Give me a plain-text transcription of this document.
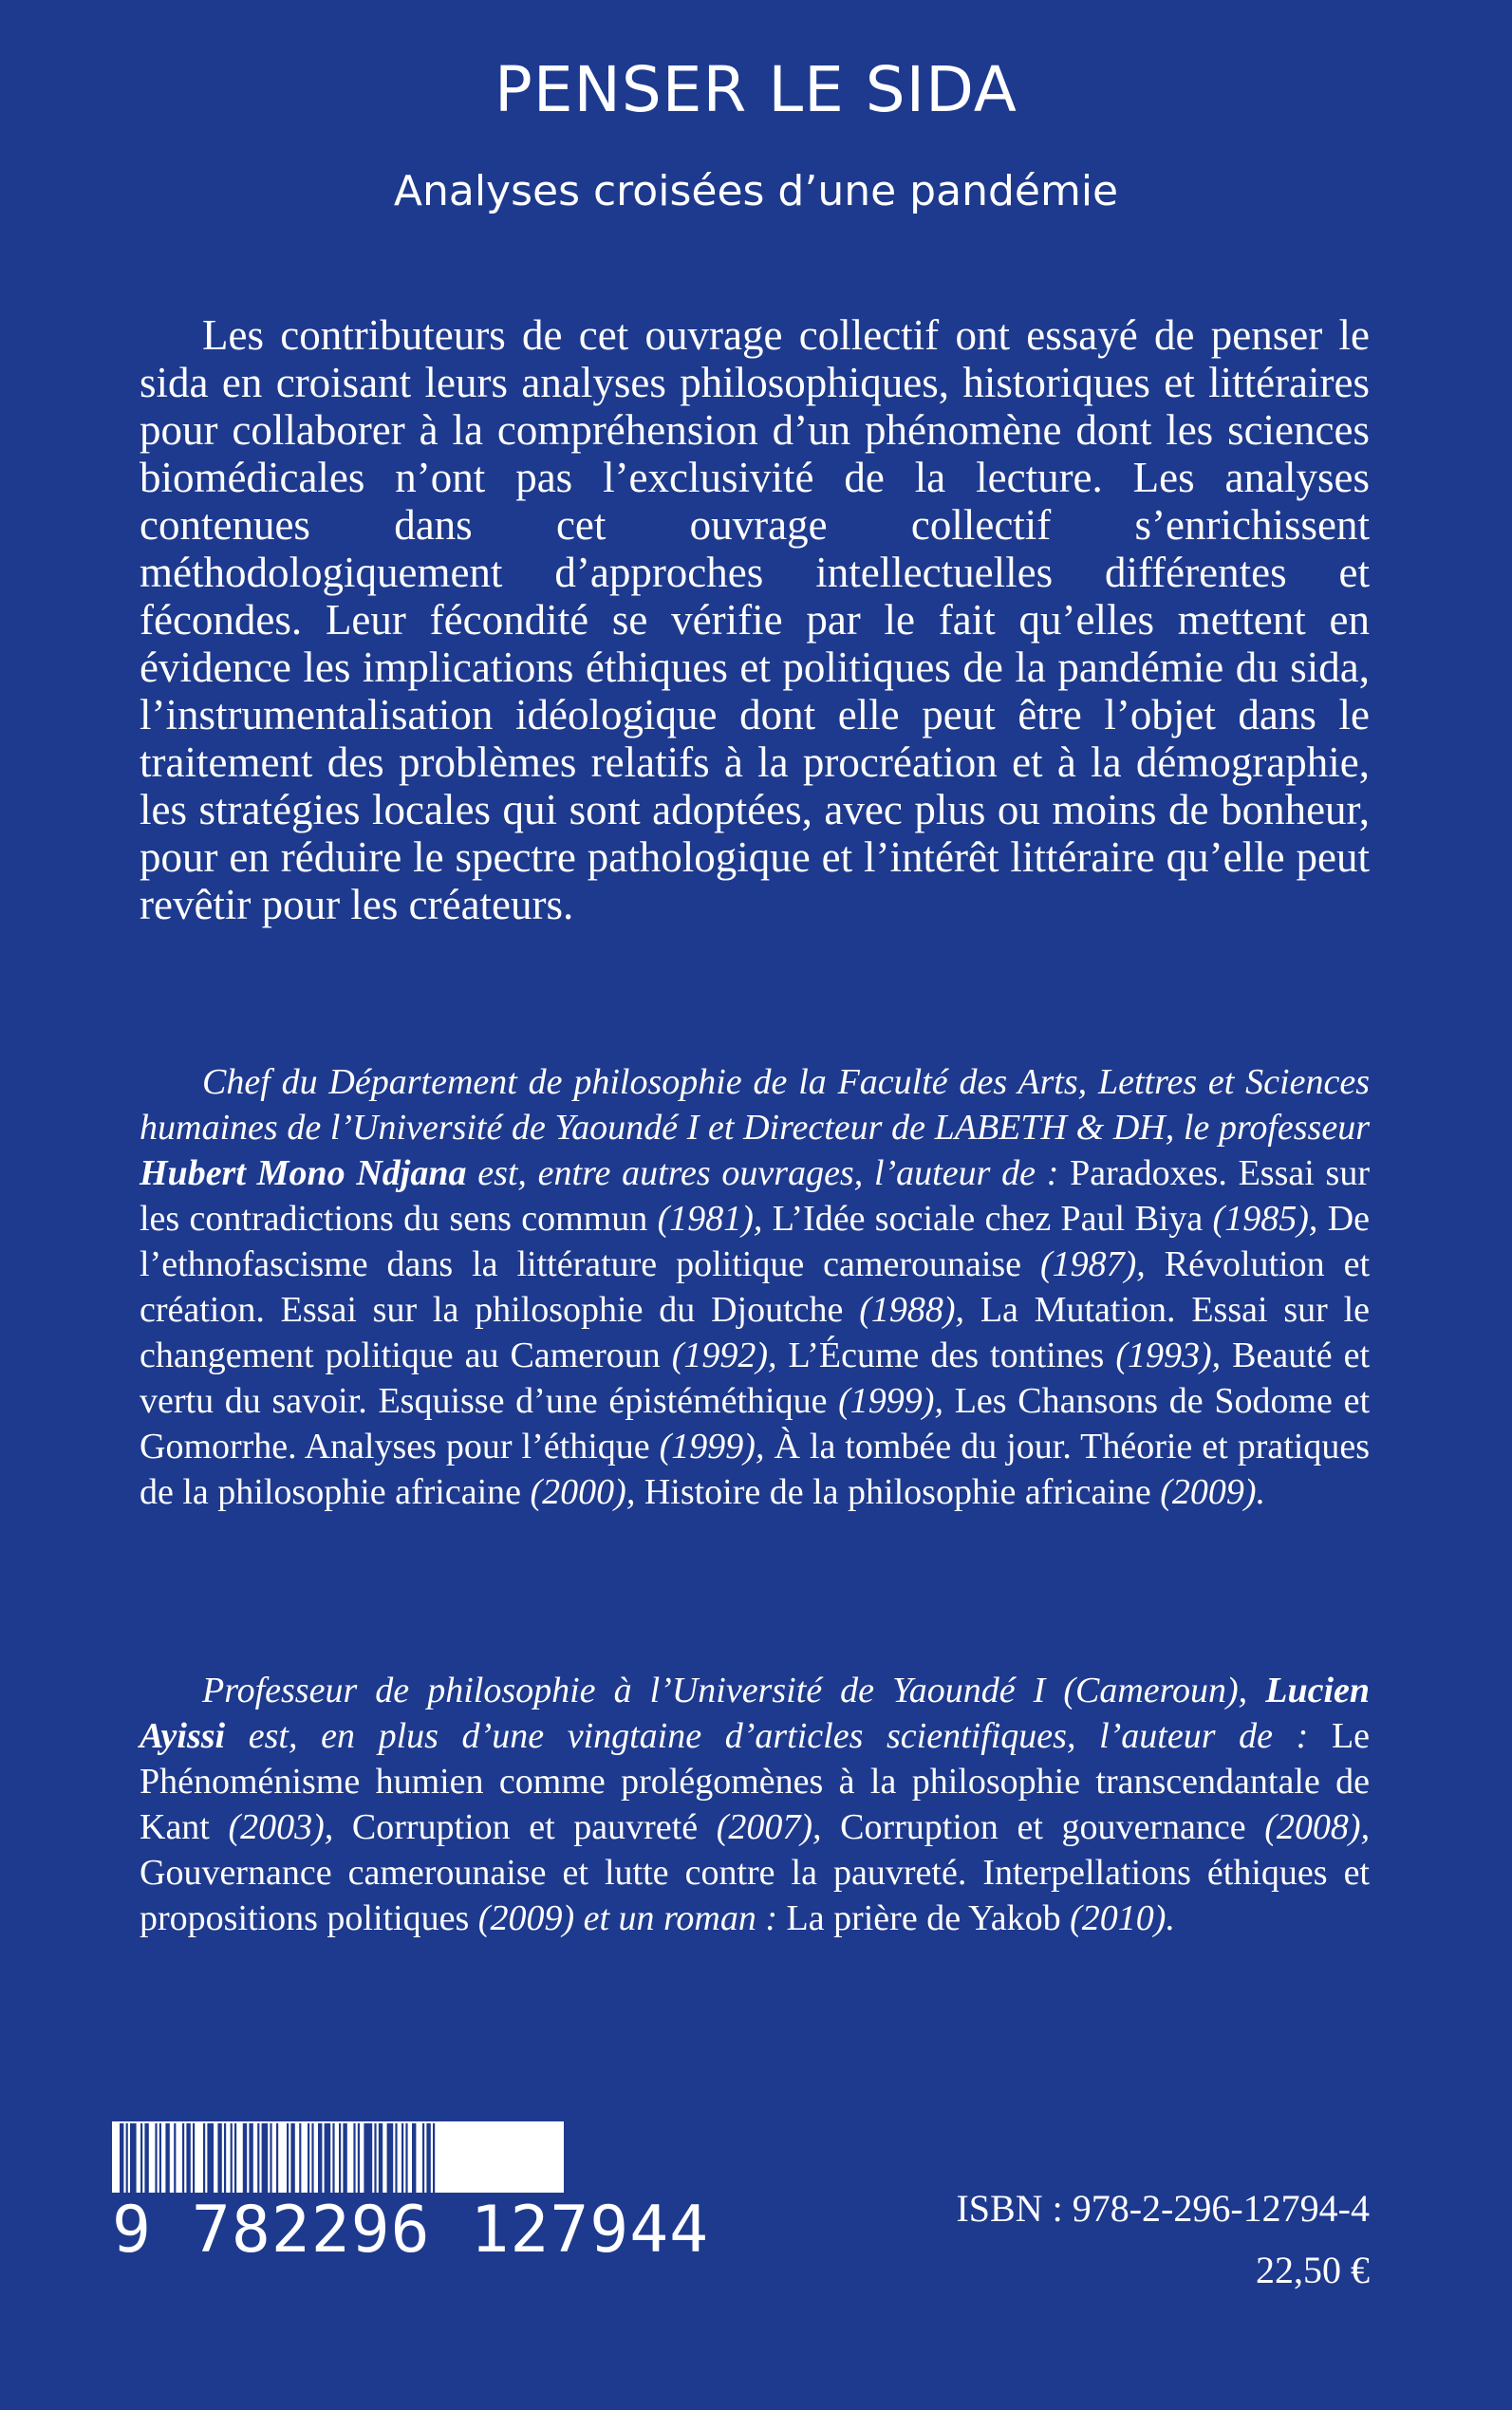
PENSER LE SIDA
Analyses croisées d’une pandémie

Les contributeurs de cet ouvrage collectif ont essayé de penser le sida en croisant leurs analyses philosophiques, historiques et littéraires pour collaborer à la compréhension d’un phénomène dont les sciences biomédicales n’ont pas l’exclusivité de la lecture. Les analyses contenues dans cet ouvrage collectif s’enrichissent méthodologiquement d’approches intellectuelles différentes et fécondes. Leur fécondité se vérifie par le fait qu’elles mettent en évidence les implications éthiques et politiques de la pandémie du sida, l’instrumentalisation idéologique dont elle peut être l’objet dans le traitement des problèmes relatifs à la procréation et à la démographie, les stratégies locales qui sont adoptées, avec plus ou moins de bonheur, pour en réduire le spectre pathologique et l’intérêt littéraire qu’elle peut revêtir pour les créateurs.

Chef du Département de philosophie de la Faculté des Arts, Lettres et Sciences humaines de l’Université de Yaoundé I et Directeur de LABETH & DH, le professeur Hubert Mono Ndjana est, entre autres ouvrages, l’auteur de : Paradoxes. Essai sur les contradictions du sens commun (1981), L’Idée sociale chez Paul Biya (1985), De l’ethnofascisme dans la littérature politique camerounaise (1987), Révolution et création. Essai sur la philosophie du Djoutche (1988), La Mutation. Essai sur le changement politique au Cameroun (1992), L’Écume des tontines (1993), Beauté et vertu du savoir. Esquisse d’une épistéméthique (1999), Les Chansons de Sodome et Gomorrhe. Analyses pour l’éthique (1999), À la tombée du jour. Théorie et pratiques de la philosophie africaine (2000), Histoire de la philosophie africaine (2009).

Professeur de philosophie à l’Université de Yaoundé I (Cameroun), Lucien Ayissi est, en plus d’une vingtaine d’articles scientifiques, l’auteur de : Le Phénoménisme humien comme prolégomènes à la philosophie transcendantale de Kant (2003), Corruption et pauvreté (2007), Corruption et gouvernance (2008), Gouvernance camerounaise et lutte contre la pauvreté. Interpellations éthiques et propositions politiques (2009) et un roman : La prière de Yakob (2010).

9 782296 127944	ISBN : 978-2-296-12794-4

22,50 €
